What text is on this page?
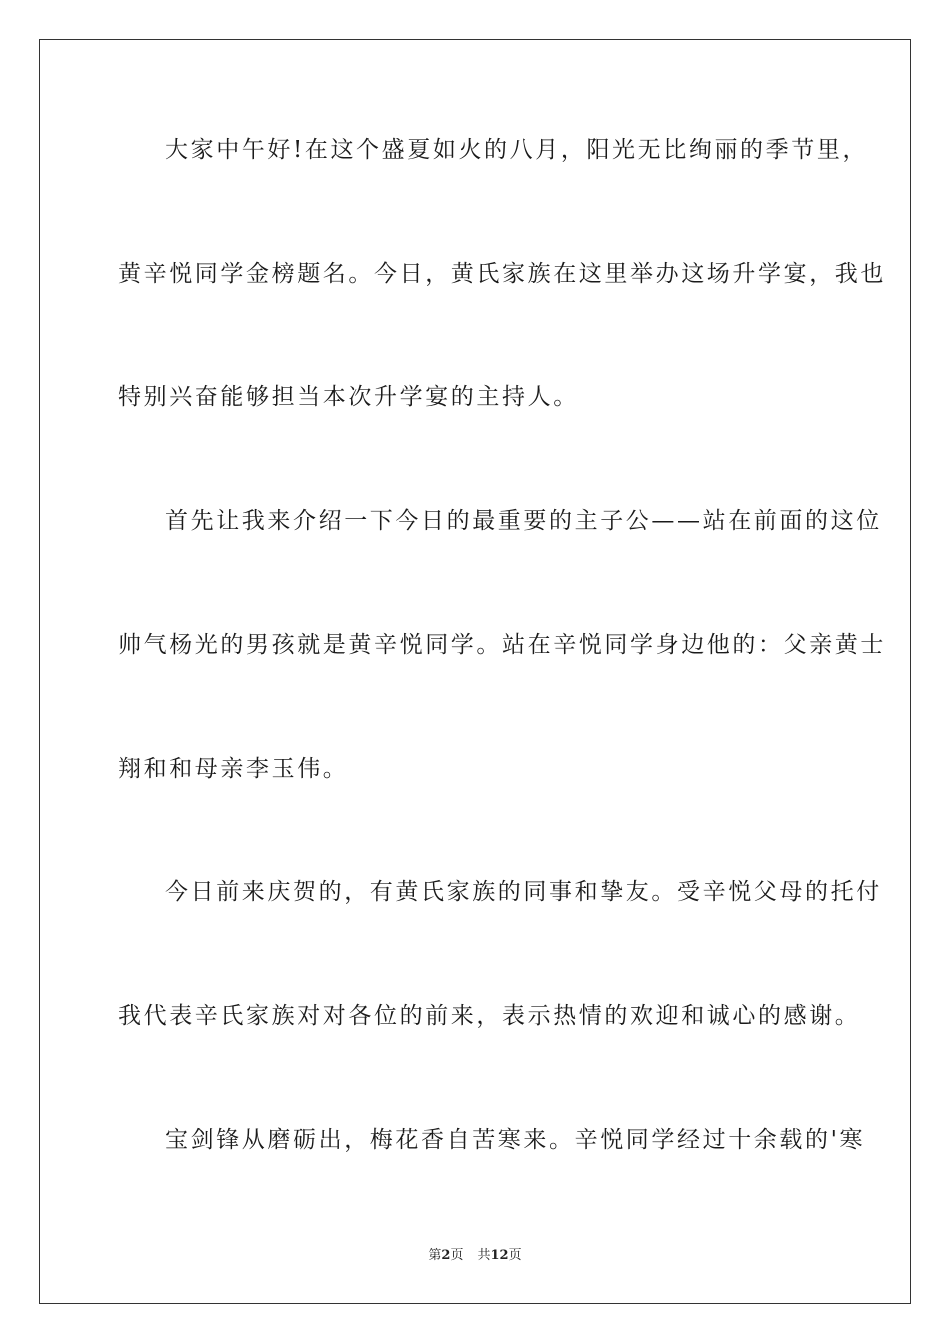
大家中午好!在这个盛夏如火的八月，阳光无比绚丽的季节里，
黄辛悦同学金榜题名。今日，黄氏家族在这里举办这场升学宴，我也
特别兴奋能够担当本次升学宴的主持人。
首先让我来介绍一下今日的最重要的主子公——站在前面的这位
帅气杨光的男孩就是黄辛悦同学。站在辛悦同学身边他的：父亲黄士
翔和和母亲李玉伟。
今日前来庆贺的，有黄氏家族的同事和挚友。受辛悦父母的托付
我代表辛氏家族对对各位的前来，表示热情的欢迎和诚心的感谢。
宝剑锋从磨砺出，梅花香自苦寒来。辛悦同学经过十余载的'寒
第2页 共12页
